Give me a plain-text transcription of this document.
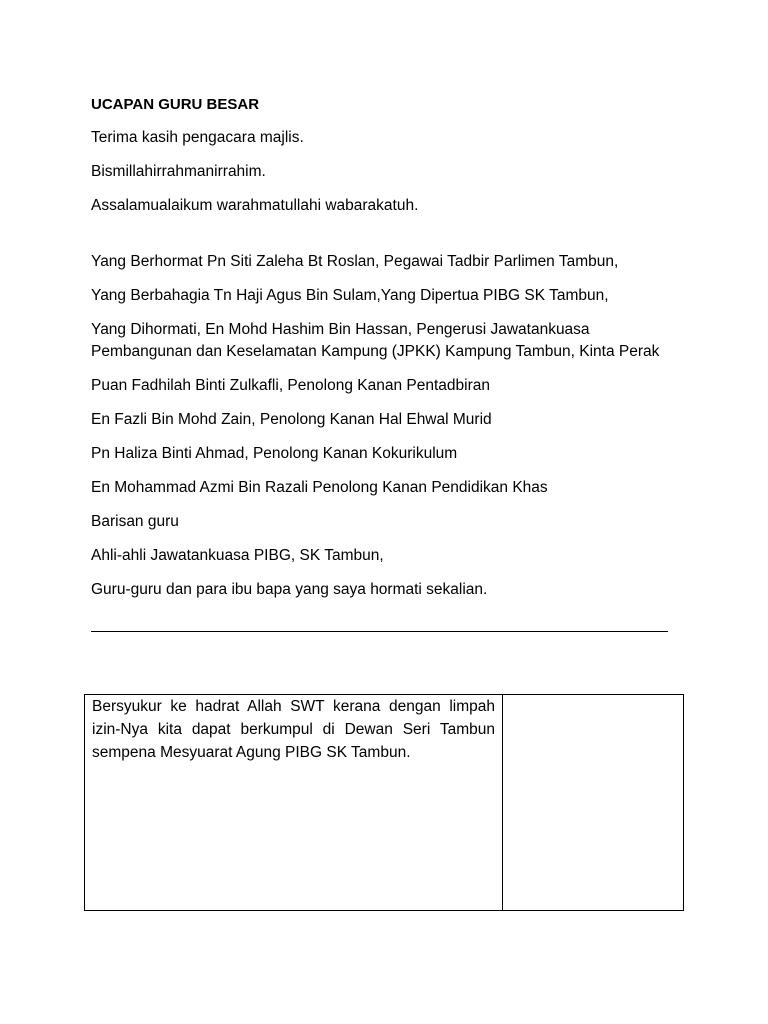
UCAPAN GURU BESAR
Terima kasih pengacara majlis.
Bismillahirrahmanirrahim.
Assalamualaikum warahmatullahi wabarakatuh.
Yang Berhormat Pn Siti Zaleha Bt Roslan, Pegawai Tadbir Parlimen Tambun,
Yang Berbahagia Tn Haji Agus Bin Sulam,Yang Dipertua PIBG SK Tambun,
Yang Dihormati, En Mohd Hashim Bin Hassan, Pengerusi Jawatankuasa Pembangunan dan Keselamatan Kampung (JPKK) Kampung Tambun, Kinta Perak
Puan Fadhilah Binti Zulkafli, Penolong Kanan Pentadbiran
En Fazli Bin Mohd Zain, Penolong Kanan Hal Ehwal Murid
Pn Haliza Binti Ahmad, Penolong Kanan Kokurikulum
En Mohammad Azmi Bin Razali Penolong Kanan Pendidikan Khas
Barisan guru
Ahli-ahli Jawatankuasa PIBG, SK Tambun,
Guru-guru dan para ibu bapa yang saya hormati sekalian.
Bersyukur ke hadrat Allah SWT kerana dengan limpah izin-Nya kita dapat berkumpul di Dewan Seri Tambun sempena Mesyuarat Agung PIBG SK Tambun.
